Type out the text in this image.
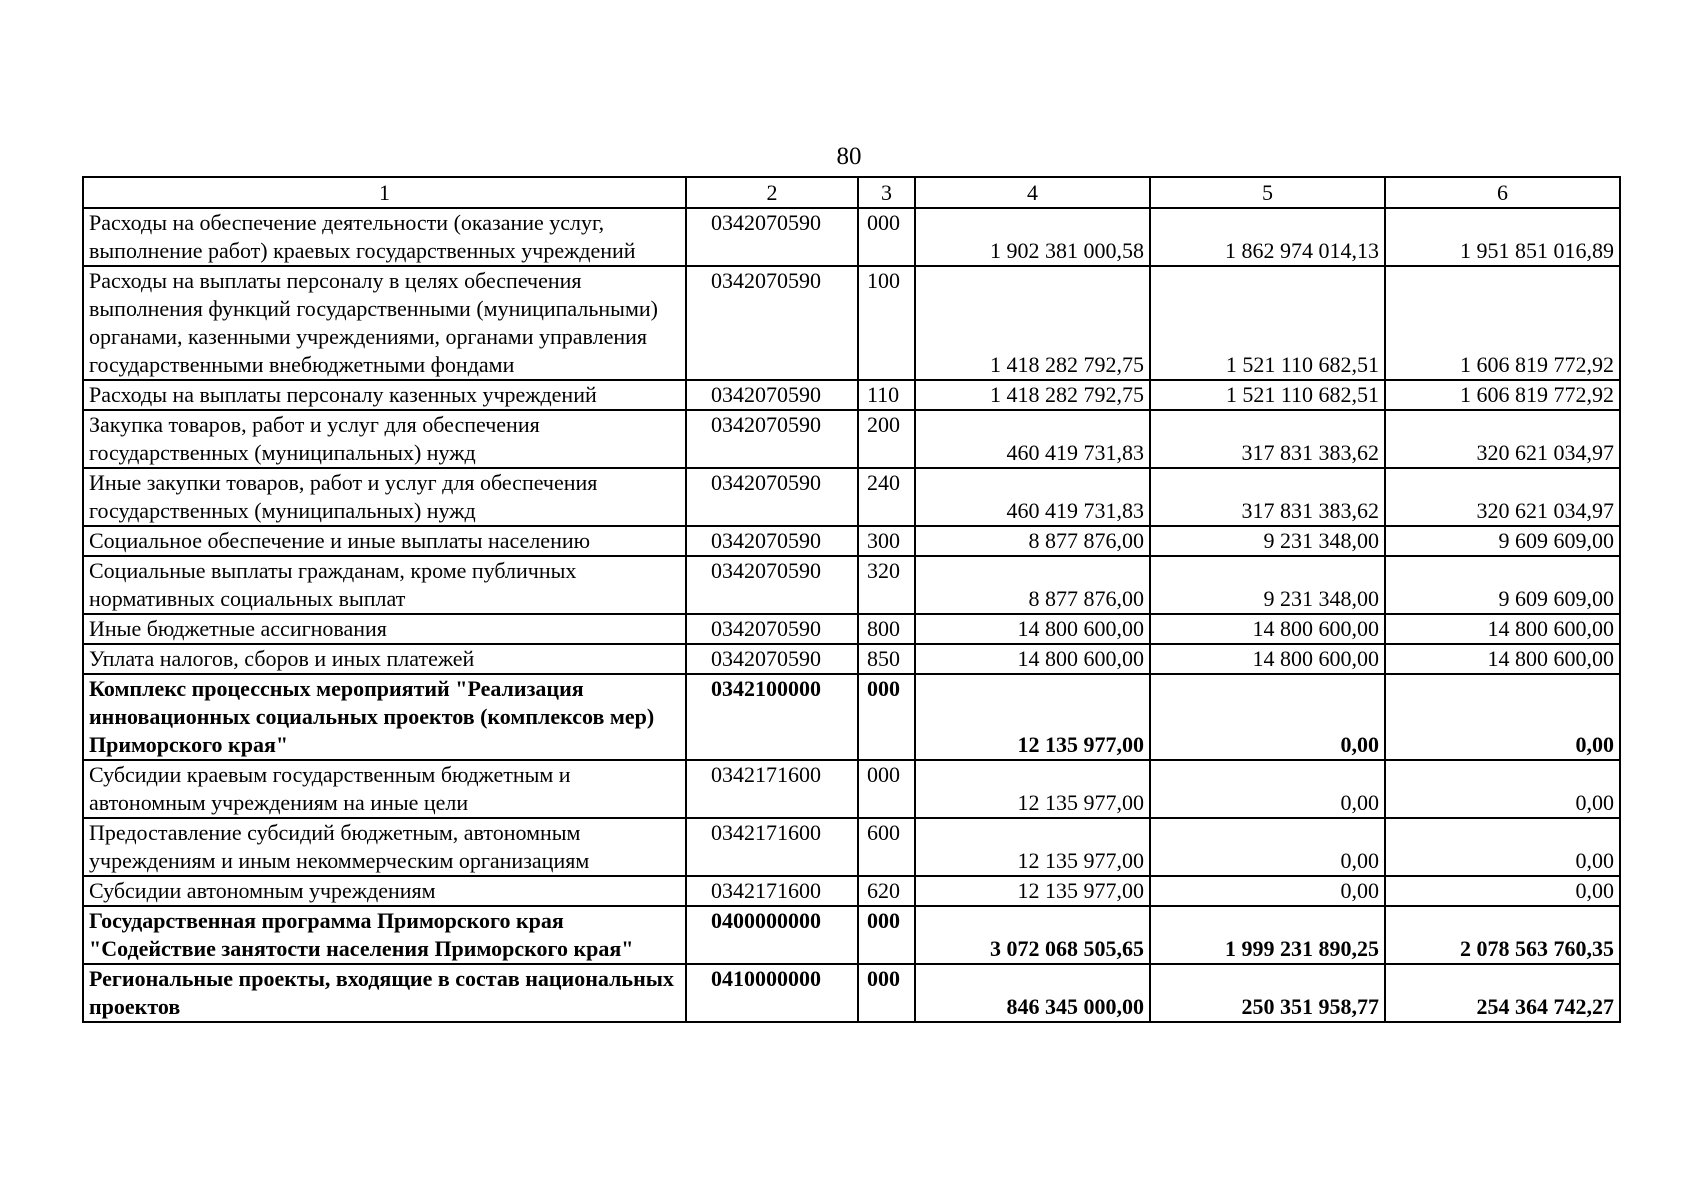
80
1	2	3	4	5	6
Расходы на обеспечение деятельности (оказание услуг, выполнение работ) краевых государственных учреждений	0342070590	000	1 902 381 000,58	1 862 974 014,13	1 951 851 016,89
Расходы на выплаты персоналу в целях обеспечения выполнения функций государственными (муниципальными) органами, казенными учреждениями, органами управления государственными внебюджетными фондами	0342070590	100	1 418 282 792,75	1 521 110 682,51	1 606 819 772,92
Расходы на выплаты персоналу казенных учреждений	0342070590	110	1 418 282 792,75	1 521 110 682,51	1 606 819 772,92
Закупка товаров, работ и услуг для обеспечения государственных (муниципальных) нужд	0342070590	200	460 419 731,83	317 831 383,62	320 621 034,97
Иные закупки товаров, работ и услуг для обеспечения государственных (муниципальных) нужд	0342070590	240	460 419 731,83	317 831 383,62	320 621 034,97
Социальное обеспечение и иные выплаты населению	0342070590	300	8 877 876,00	9 231 348,00	9 609 609,00
Социальные выплаты гражданам, кроме публичных нормативных социальных выплат	0342070590	320	8 877 876,00	9 231 348,00	9 609 609,00
Иные бюджетные ассигнования	0342070590	800	14 800 600,00	14 800 600,00	14 800 600,00
Уплата налогов, сборов и иных платежей	0342070590	850	14 800 600,00	14 800 600,00	14 800 600,00
Комплекс процессных мероприятий "Реализация инновационных социальных проектов (комплексов мер) Приморского края"	0342100000	000	12 135 977,00	0,00	0,00
Субсидии краевым государственным бюджетным и автономным учреждениям на иные цели	0342171600	000	12 135 977,00	0,00	0,00
Предоставление субсидий бюджетным, автономным учреждениям и иным некоммерческим организациям	0342171600	600	12 135 977,00	0,00	0,00
Субсидии автономным учреждениям	0342171600	620	12 135 977,00	0,00	0,00
Государственная программа Приморского края "Содействие занятости населения Приморского края"	0400000000	000	3 072 068 505,65	1 999 231 890,25	2 078 563 760,35
Региональные проекты, входящие в состав национальных проектов	0410000000	000	846 345 000,00	250 351 958,77	254 364 742,27
